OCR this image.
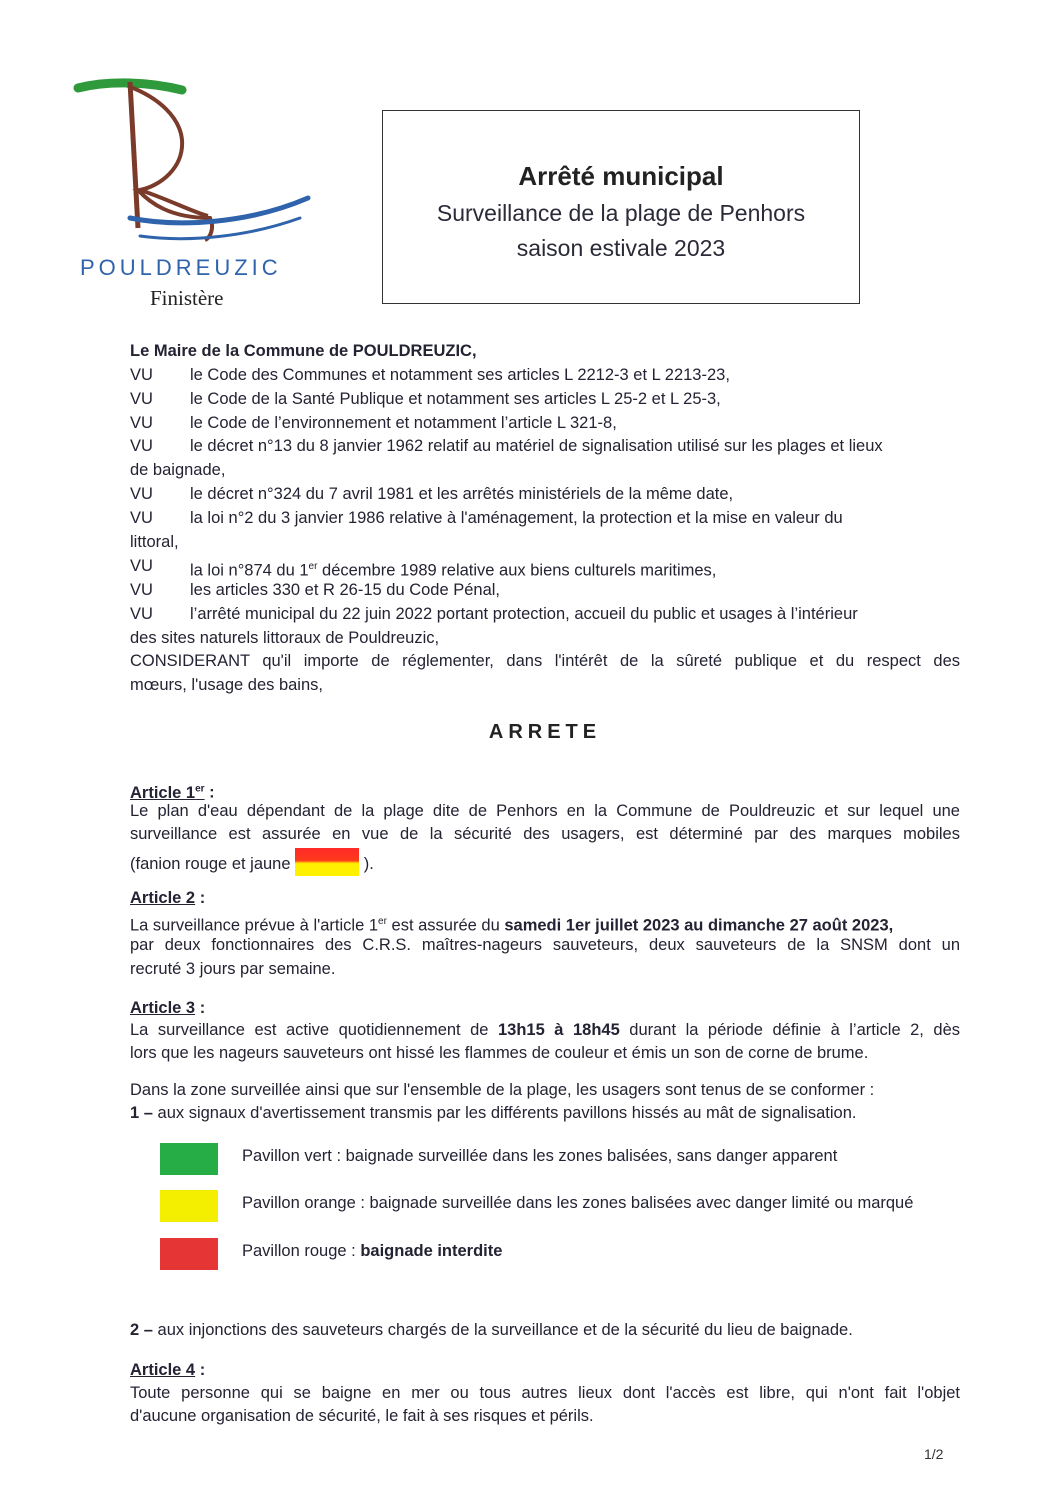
POULDREUZIC
Finistère
Arrêté municipal
Surveillance de la plage de Penhors
saison estivale 2023
Le Maire de la Commune de POULDREUZIC,
VU	le Code des Communes et notamment ses articles L 2212-3 et L 2213-23,
VU	le Code de la Santé Publique et notamment ses articles L 25-2 et L 25-3,
VU	le Code de l’environnement et notamment l’article L 321-8,
VU	le décret n°13 du 8 janvier 1962 relatif au matériel de signalisation utilisé sur les plages et lieux
de baignade,
VU	le décret n°324 du 7 avril 1981 et les arrêtés ministériels de la même date,
VU	la loi n°2 du 3 janvier 1986 relative à l'aménagement, la protection et la mise en valeur du
littoral,
VU	la loi n°874 du 1er décembre 1989 relative aux biens culturels maritimes,
VU	les articles 330 et R 26-15 du Code Pénal,
VU	l’arrêté municipal du 22 juin 2022 portant protection, accueil du public et usages à l’intérieur
des sites naturels littoraux de Pouldreuzic,
CONSIDERANT qu'il importe de réglementer, dans l'intérêt de la sûreté publique et du respect des
mœurs, l'usage des bains,
ARRETE
Article 1er :
Le plan d'eau dépendant de la plage dite de Penhors en la Commune de Pouldreuzic et sur lequel une
surveillance est assurée en vue de la sécurité des usagers, est déterminé par des marques mobiles
(fanion rouge et jaune	).
Article 2 :
La surveillance prévue à l'article 1er est assurée du samedi 1er juillet 2023 au dimanche 27 août 2023,
par deux fonctionnaires des C.R.S. maîtres-nageurs sauveteurs, deux sauveteurs de la SNSM dont un
recruté 3 jours par semaine.
Article 3 :
La surveillance est active quotidiennement de 13h15 à 18h45 durant la période définie à l’article 2, dès
lors que les nageurs sauveteurs ont hissé les flammes de couleur et émis un son de corne de brume.
Dans la zone surveillée ainsi que sur l'ensemble de la plage, les usagers sont tenus de se conformer :
1 – aux signaux d'avertissement transmis par les différents pavillons hissés au mât de signalisation.
Pavillon vert : baignade surveillée dans les zones balisées, sans danger apparent
Pavillon orange : baignade surveillée dans les zones balisées avec danger limité ou marqué
Pavillon rouge : baignade interdite
2 – aux injonctions des sauveteurs chargés de la surveillance et de la sécurité du lieu de baignade.
Article 4 :
Toute personne qui se baigne en mer ou tous autres lieux dont l'accès est libre, qui n'ont fait l'objet
d'aucune organisation de sécurité, le fait à ses risques et périls.
1/2
